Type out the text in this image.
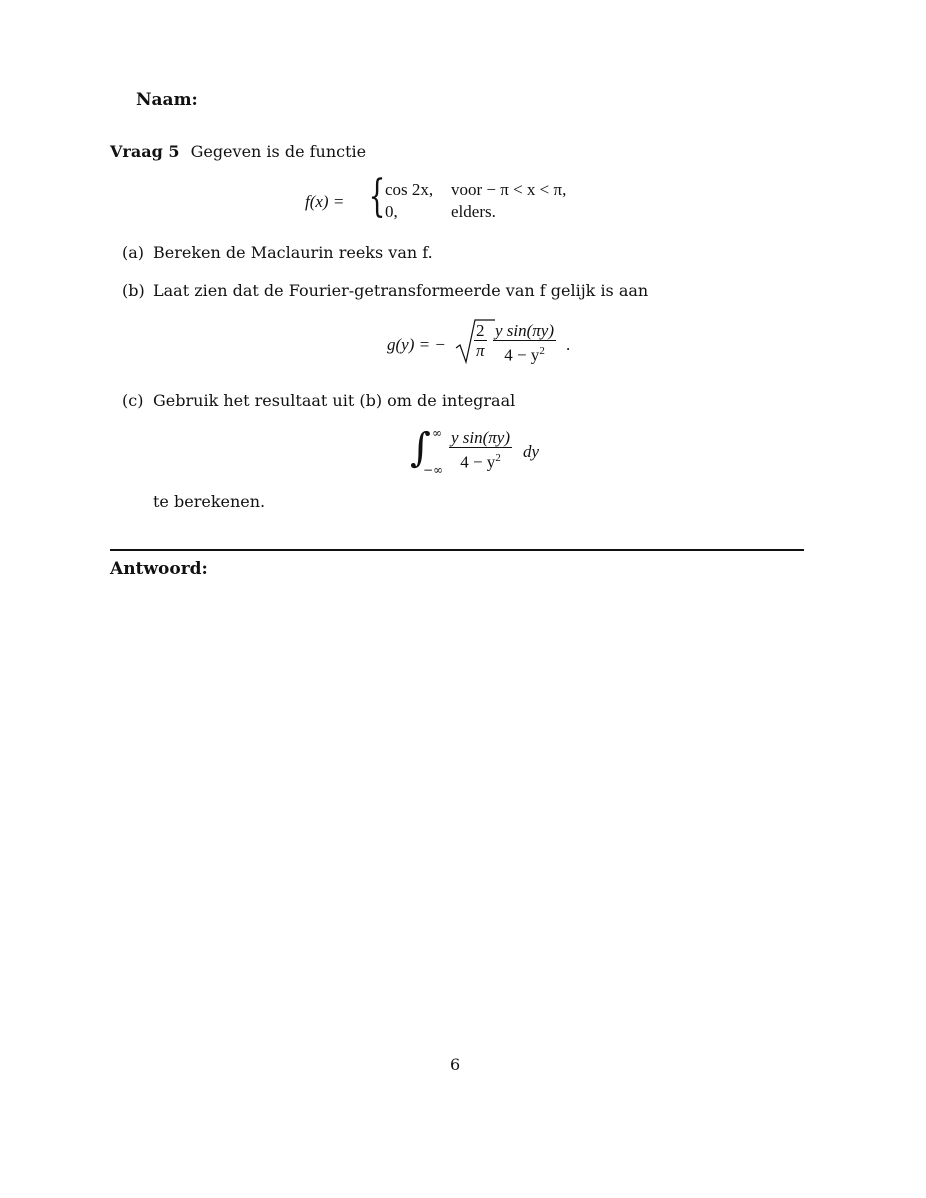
Naam:
Vraag 5 Gegeven is de functie
f(x) = { cos 2x, voor − π < x < π,
0,	elders.
(a) Bereken de Maclaurin reeks van f.
(b) Laat zien dat de Fourier-getransformeerde van f gelijk is aan
g(y) = − $\frac{2}{\pi} \frac{\text{y sin(πy)}}{4 - y^2}$ .
(c) Gebruik het resultaat uit (b) om de integraal
∫ ∞
−∞ $\frac{\text{y sin(πy)}}{4 - y^2}$ dy
te berekenen.
Antwoord:
6
